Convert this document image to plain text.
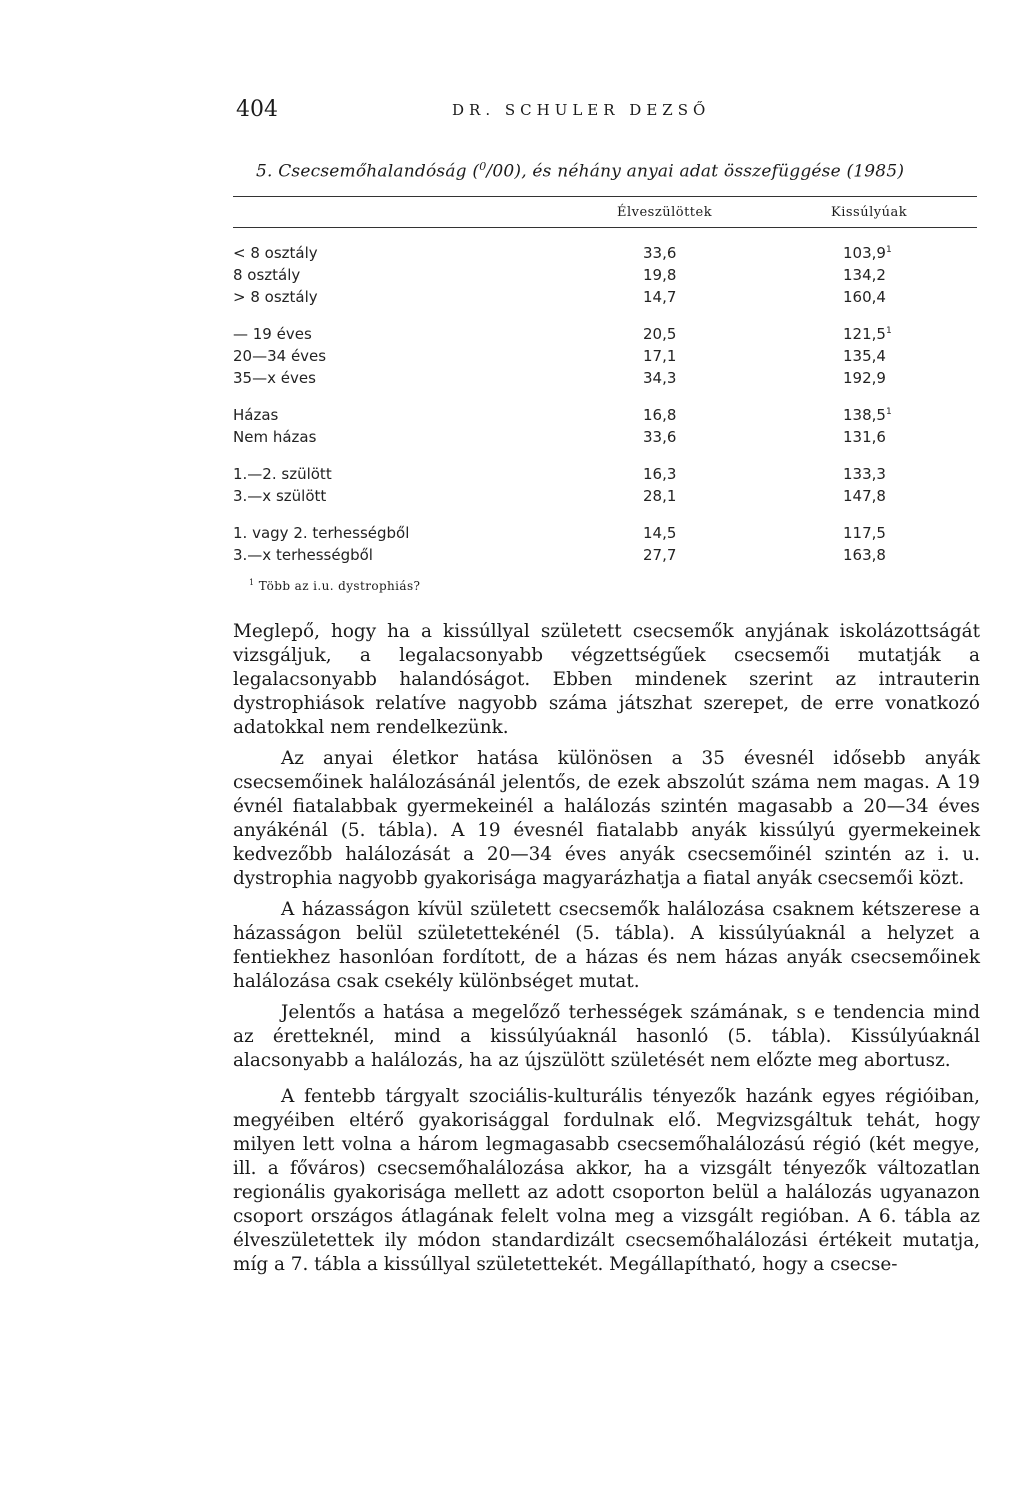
404	DR. SCHULER DEZSŐ
5. Csecsemőhalandóság ($^0$/00), és néhány anyai adat összefüggése (1985)
Élveszülöttek	Kissúlyúak
< 8 osztály	33,6	103,9$^1$
8 osztály	19,8	134,2
> 8 osztály	14,7	160,4
— 19 éves	20,5	121,5$^1$
20—34 éves	17,1	135,4
35—x éves	34,3	192,9
Házas	16,8	138,5$^1$
Nem házas	33,6	131,6
1.—2. szülött	16,3	133,3
3.—x szülött	28,1	147,8
1. vagy 2. terhességből	14,5	117,5
3.—x terhességből	27,7	163,8
$^1$ Több az i.u. dystrophiás?

Meglepő, hogy ha a kissúllyal született csecsemők anyjának iskolázottságát vizsgáljuk, a legalacsonyabb végzettségűek csecsemői mutatják a legalacsonyabb halandóságot. Ebben mindenek szerint az intrauterin dystrophiások relatíve nagyobb száma játszhat szerepet, de erre vonatkozó adatokkal nem rendelkezünk.

Az anyai életkor hatása különösen a 35 évesnél idősebb anyák csecsemőinek halálozásánál jelentős, de ezek abszolút száma nem magas. A 19 évnél fiatalabbak gyermekeinél a halálozás szintén magasabb a 20—34 éves anyákénál (5. tábla). A 19 évesnél fiatalabb anyák kissúlyú gyermekeinek kedvezőbb halálozását a 20—34 éves anyák csecsemőinél szintén az i. u. dystrophia nagyobb gyakorisága magyarázhatja a fiatal anyák csecsemői közt.

A házasságon kívül született csecsemők halálozása csaknem kétszerese a házasságon belül születettekénél (5. tábla). A kissúlyúaknál a helyzet a fentiekhez hasonlóan fordított, de a házas és nem házas anyák csecsemőinek halálozása csak csekély különbséget mutat.

Jelentős a hatása a megelőző terhességek számának, s e tendencia mind az éretteknél, mind a kissúlyúaknál hasonló (5. tábla). Kissúlyúaknál alacsonyabb a halálozás, ha az újszülött születését nem előzte meg abortusz.

A fentebb tárgyalt szociális-kulturális tényezők hazánk egyes régióiban, megyéiben eltérő gyakorisággal fordulnak elő. Megvizsgáltuk tehát, hogy milyen lett volna a három legmagasabb csecsemőhalálozású régió (két megye, ill. a főváros) csecsemőhalálozása akkor, ha a vizsgált tényezők változatlan regionális gyakorisága mellett az adott csoporton belül a halálozás ugyanazon csoport országos átlagának felelt volna meg a vizsgált regióban. A 6. tábla az élveszületettek ily módon standardizált csecsemőhalálozási értékeit mutatja, míg a 7. tábla a kissúllyal születettekét. Megállapítható, hogy a csecse-
